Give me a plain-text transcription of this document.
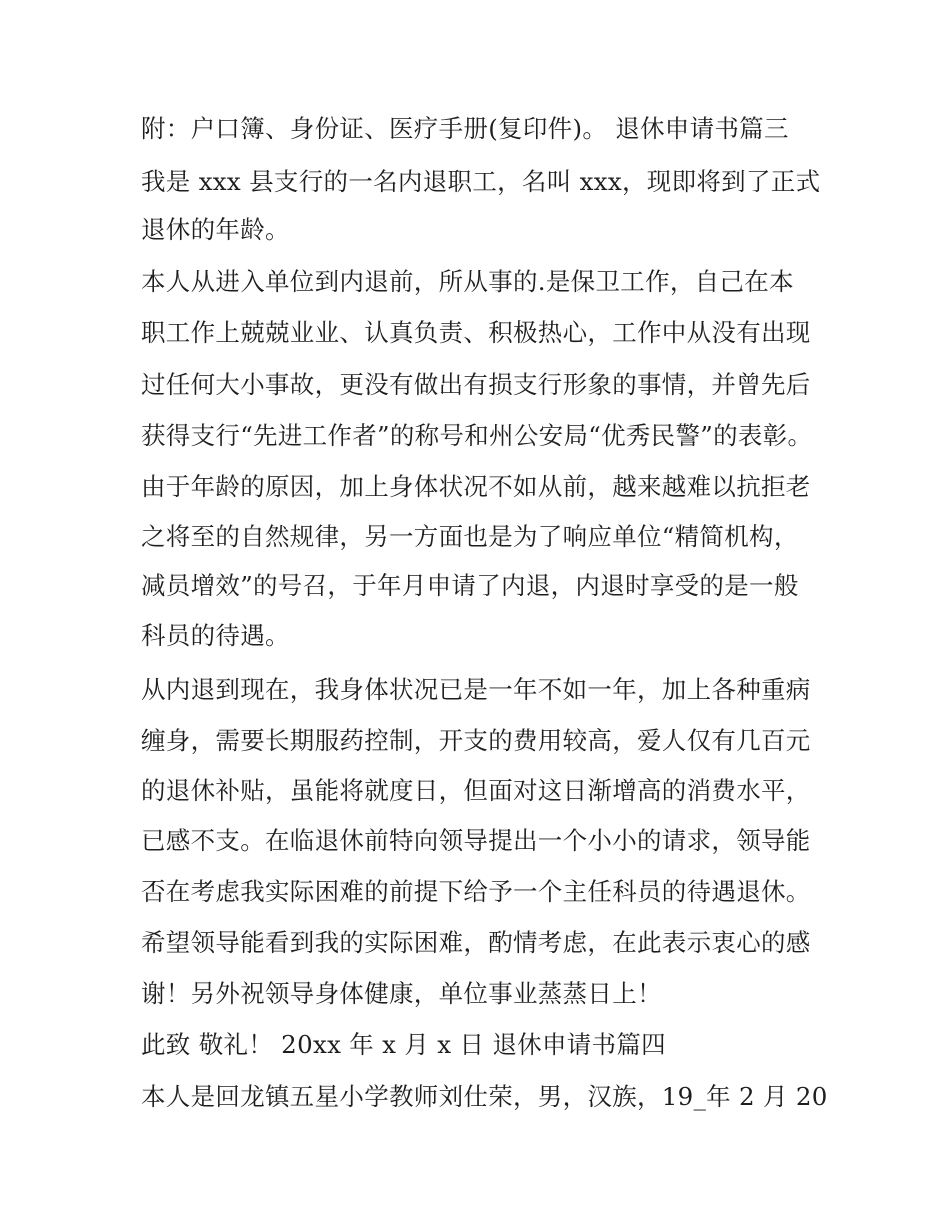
附：户口簿、身份证、医疗手册(复印件)。 退休申请书篇三

我是 xxx 县支行的一名内退职工，名叫 xxx，现即将到了正式

退休的年龄。

本人从进入单位到内退前，所从事的.是保卫工作，自己在本

职工作上兢兢业业、认真负责、积极热心，工作中从没有出现

过任何大小事故，更没有做出有损支行形象的事情，并曾先后

获得支行“先进工作者”的称号和州公安局“优秀民警”的表彰。

由于年龄的原因，加上身体状况不如从前，越来越难以抗拒老

之将至的自然规律，另一方面也是为了响应单位“精简机构，

减员增效”的号召，于年月申请了内退，内退时享受的是一般

科员的待遇。

从内退到现在，我身体状况已是一年不如一年，加上各种重病

缠身，需要长期服药控制，开支的费用较高，爱人仅有几百元

的退休补贴，虽能将就度日，但面对这日渐增高的消费水平，

已感不支。在临退休前特向领导提出一个小小的请求，领导能

否在考虑我实际困难的前提下给予一个主任科员的待遇退休。

希望领导能看到我的实际困难，酌情考虑，在此表示衷心的感

谢！另外祝领导身体健康，单位事业蒸蒸日上！

此致 敬礼！ 20xx 年 x 月 x 日 退休申请书篇四

本人是回龙镇五星小学教师刘仕荣，男，汉族，19_年 2 月 20
